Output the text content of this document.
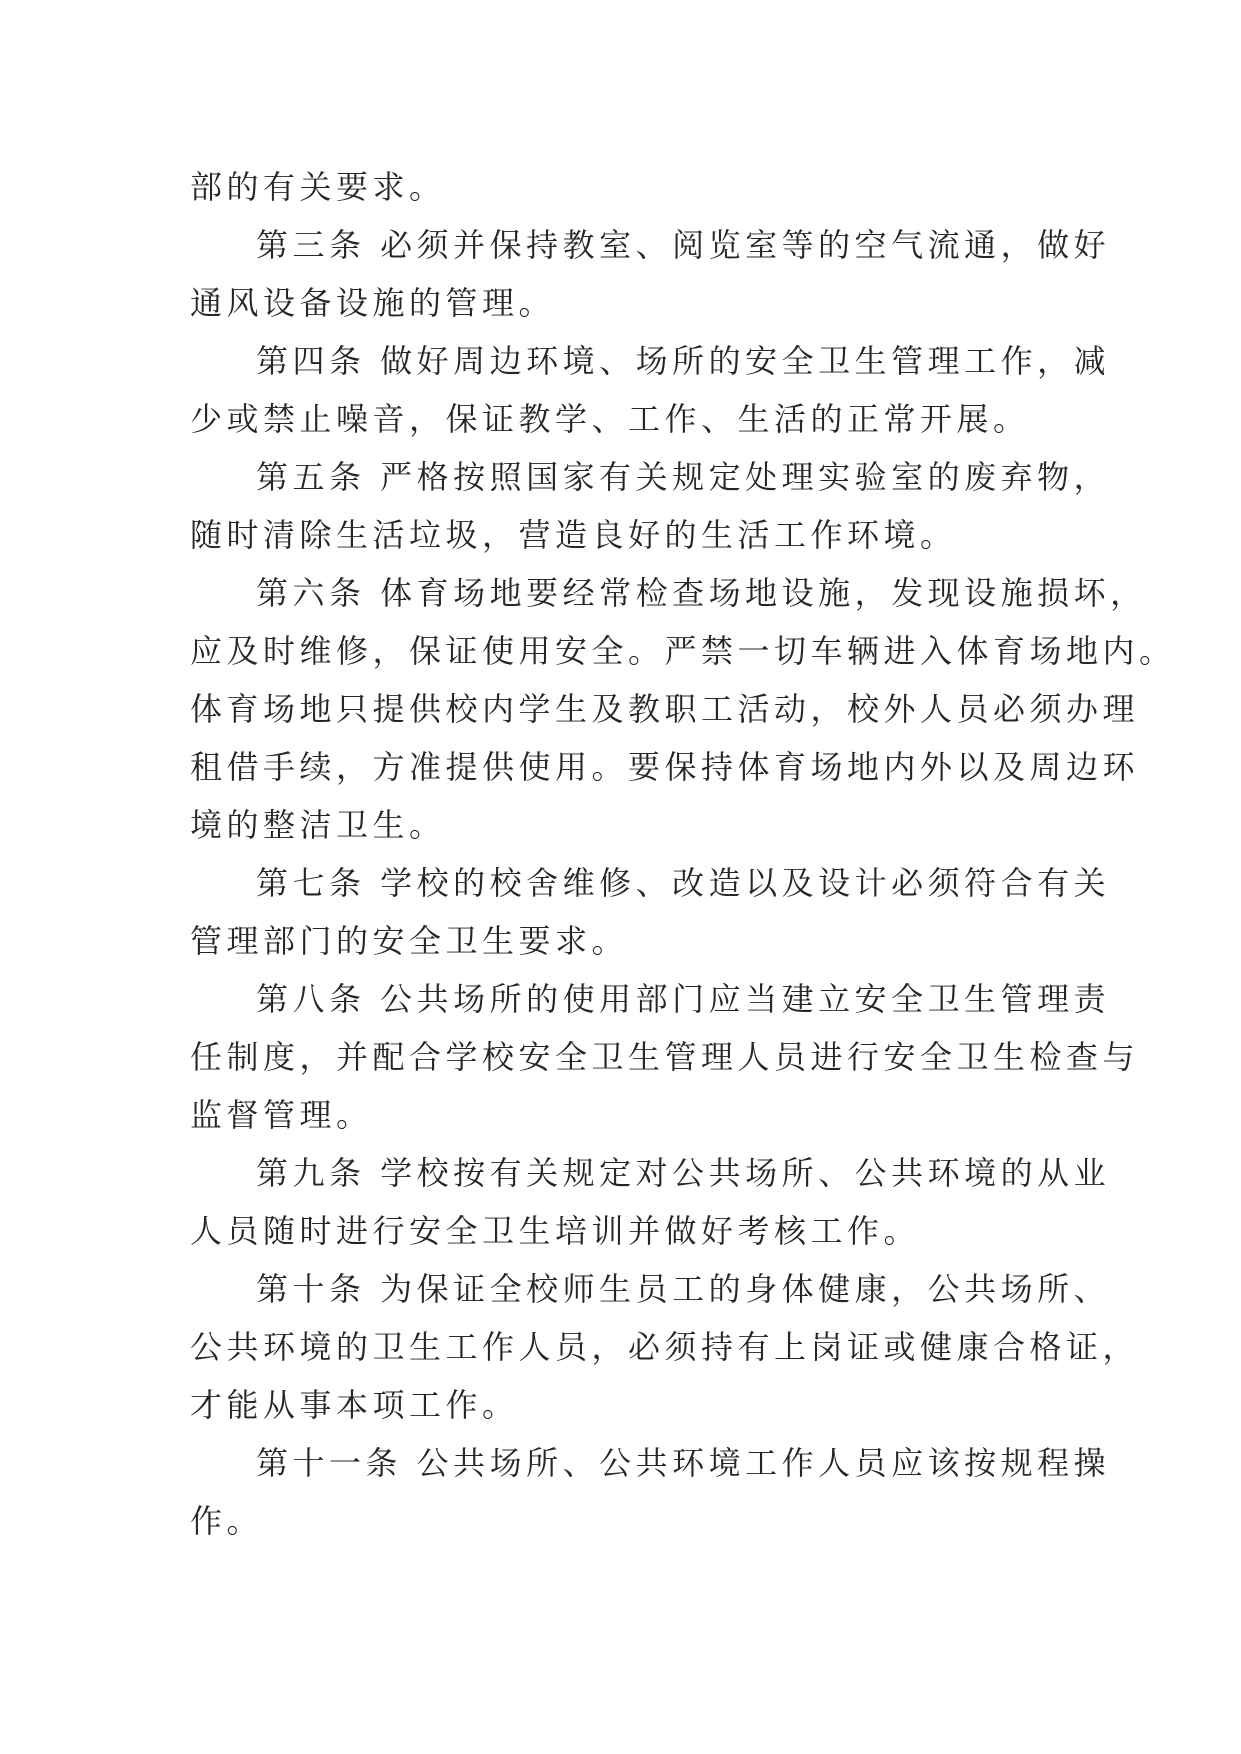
部的有关要求。
第三条 必须并保持教室、阅览室等的空气流通，做好
通风设备设施的管理。
第四条 做好周边环境、场所的安全卫生管理工作，减
少或禁止噪音，保证教学、工作、生活的正常开展。
第五条 严格按照国家有关规定处理实验室的废弃物，
随时清除生活垃圾，营造良好的生活工作环境。
第六条 体育场地要经常检查场地设施，发现设施损坏，
应及时维修，保证使用安全。严禁一切车辆进入体育场地内。
体育场地只提供校内学生及教职工活动，校外人员必须办理
租借手续，方准提供使用。要保持体育场地内外以及周边环
境的整洁卫生。
第七条 学校的校舍维修、改造以及设计必须符合有关
管理部门的安全卫生要求。
第八条 公共场所的使用部门应当建立安全卫生管理责
任制度，并配合学校安全卫生管理人员进行安全卫生检查与
监督管理。
第九条 学校按有关规定对公共场所、公共环境的从业
人员随时进行安全卫生培训并做好考核工作。
第十条 为保证全校师生员工的身体健康，公共场所、
公共环境的卫生工作人员，必须持有上岗证或健康合格证，
才能从事本项工作。
第十一条 公共场所、公共环境工作人员应该按规程操
作。
